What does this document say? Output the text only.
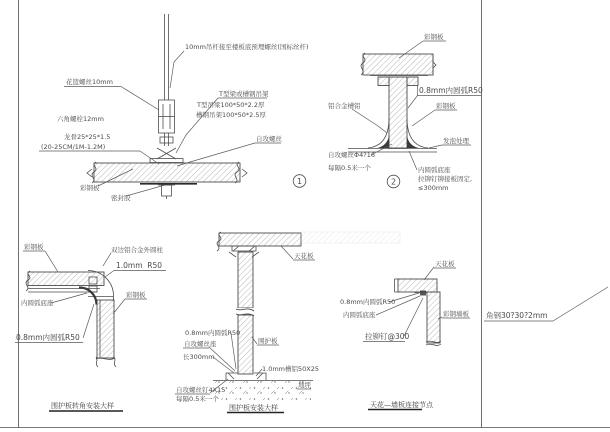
10mm吊杆接至楼板底预埋螺丝(国标丝杆)
花篮螺丝10mm
六角螺栓12mm
龙骨25*25*1.5
(20-25CM/1M-1.2M)
T型梁或槽钢吊架
T型吊梁100*50*2.2厚
槽钢吊架100*50*2.5厚
自攻螺丝
彩钢板
密封胶
1
彩钢板
0.8mm内圆弧R50
彩钢板
发泡处理
铝合金槽铝
自攻螺丝Φ4?16
每隔0.5米一个	内圆弧底座
拉铆钉铆接板固定,
≤300mm
2
彩钢板	双边铝合金外圆柱
1.0mm  R50
彩钢板
内圆弧底座
0.8mm内圆弧R50
围护板转角安装大样
天花板
0.8mm内圆弧R50
自攻螺丝座
长300mm
围护板
1.0mm槽铝50X25
地坪
自攻螺丝钉4X15
每隔0.5米一个
围护板安装大样
天花板
0.8mm内圆弧R50
内圆弧底座
拉铆钉@300
彩钢墙板
天花—墙板连接节点
角钢30?30?2mm
